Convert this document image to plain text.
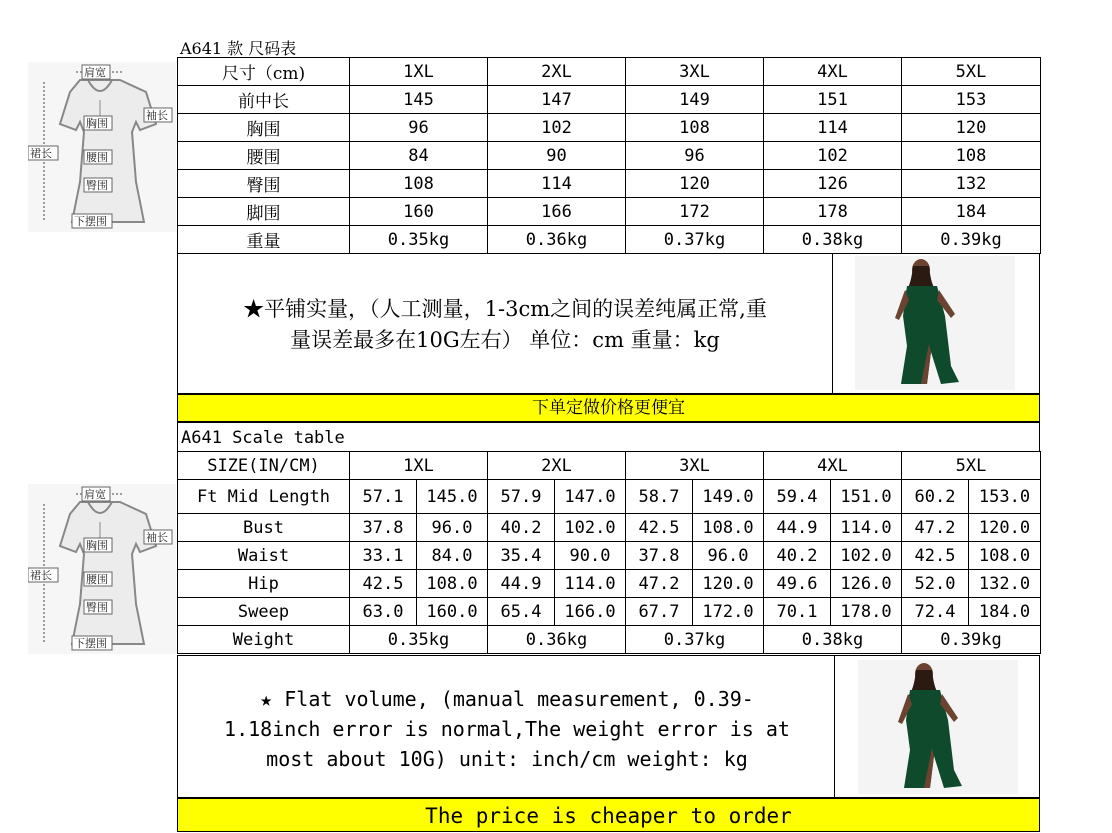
A641 款 尺码表
肩宽
袖长
胸围
裙长	腰围
臀围
下摆围
尺寸（cm)	1XL	2XL	3XL	4XL	5XL
前中长	145	147	149	151	153
胸围	96	102	108	114	120
腰围	84	90	96	102	108
臀围	108	114	120	126	132
脚围	160	166	172	178	184
重量	0.35kg	0.36kg	0.37kg	0.38kg	0.39kg
★平铺实量，（人工测量，1-3cm之间的误差纯属正常,重
量误差最多在10G左右） 单位：cm 重量：kg
下单定做价格更便宜
A641 Scale table
肩宽
袖长
胸围
裙长	腰围
臀围
下摆围
SIZE(IN/CM)	1XL		2XL		3XL		4XL		5XL	
Ft Mid Length	57.1	145.0	57.9	147.0	58.7	149.0	59.4	151.0	60.2	153.0
Bust	37.8	96.0	40.2	102.0	42.5	108.0	44.9	114.0	47.2	120.0
Waist	33.1	84.0	35.4	90.0	37.8	96.0	40.2	102.0	42.5	108.0
Hip	42.5	108.0	44.9	114.0	47.2	120.0	49.6	126.0	52.0	132.0
Sweep	63.0	160.0	65.4	166.0	67.7	172.0	70.1	178.0	72.4	184.0
Weight	0.35kg		0.36kg		0.37kg		0.38kg		0.39kg	
★ Flat volume, (manual measurement, 0.39-
1.18inch error is normal,The weight error is at
most about 10G) unit: inch/cm weight: kg
The price is cheaper to order
